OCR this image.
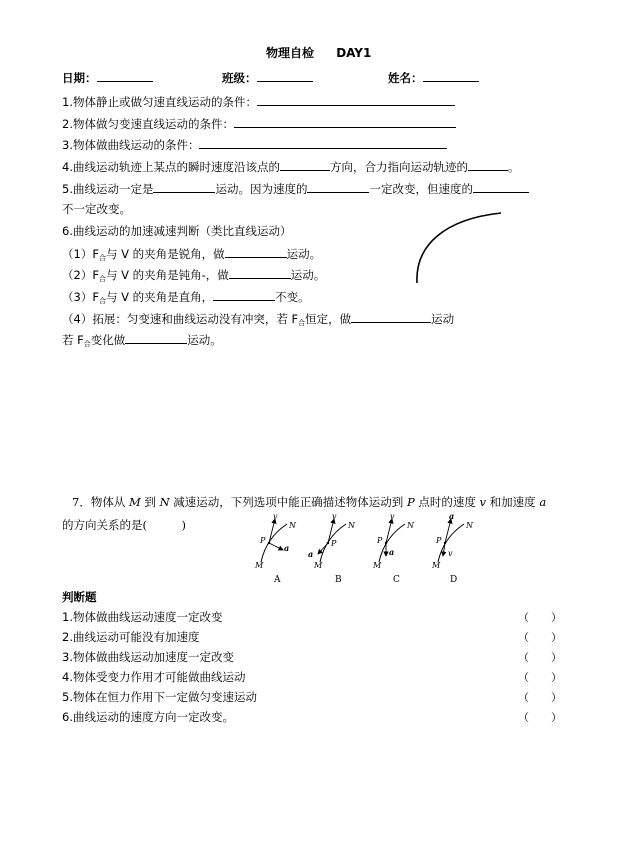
物理自检 DAY1
日期：	班级：	姓名：
1.物体静止或做匀速直线运动的条件：
2.物体做匀变速直线运动的条件：
3.物体做曲线运动的条件：
4.曲线运动轨迹上某点的瞬时速度沿该点的	方向，合力指向运动轨迹的	。
5.曲线运动一定是	运动。因为速度的	一定改变，但速度的
不一定改变。
6.曲线运动的加速减速判断（类比直线运动）
$(1)F_合$与 V 的夹角是锐角，做	运动。
$(2)F_合$与 V 的夹角是钝角-，做	运动。
$(3)F_合$与 V 的夹角是直角，	不变。
（4）拓展：匀变速和曲线运动没有冲突，若 $F_合$恒定，做	运动
若 $F_合$变化做	运动。
7．物体从 M 到 N 减速运动，下列选项中能正确描述物体运动到 P 点时的速度 v 和加速度 a
的方向关系的是(　　　)
v
N
P
a
M
v
N
P
a
M
v
N
P
a
M
a
N
P
v
M
A	B	C	D
判断题
1.物体做曲线运动速度一定改变	（　　）
2.曲线运动可能没有加速度	（　　）
3.物体做曲线运动加速度一定改变	（　　）
4.物体受变力作用才可能做曲线运动	（　　）
5.物体在恒力作用下一定做匀变速运动	（　　）
6.曲线运动的速度方向一定改变。	（　　）
